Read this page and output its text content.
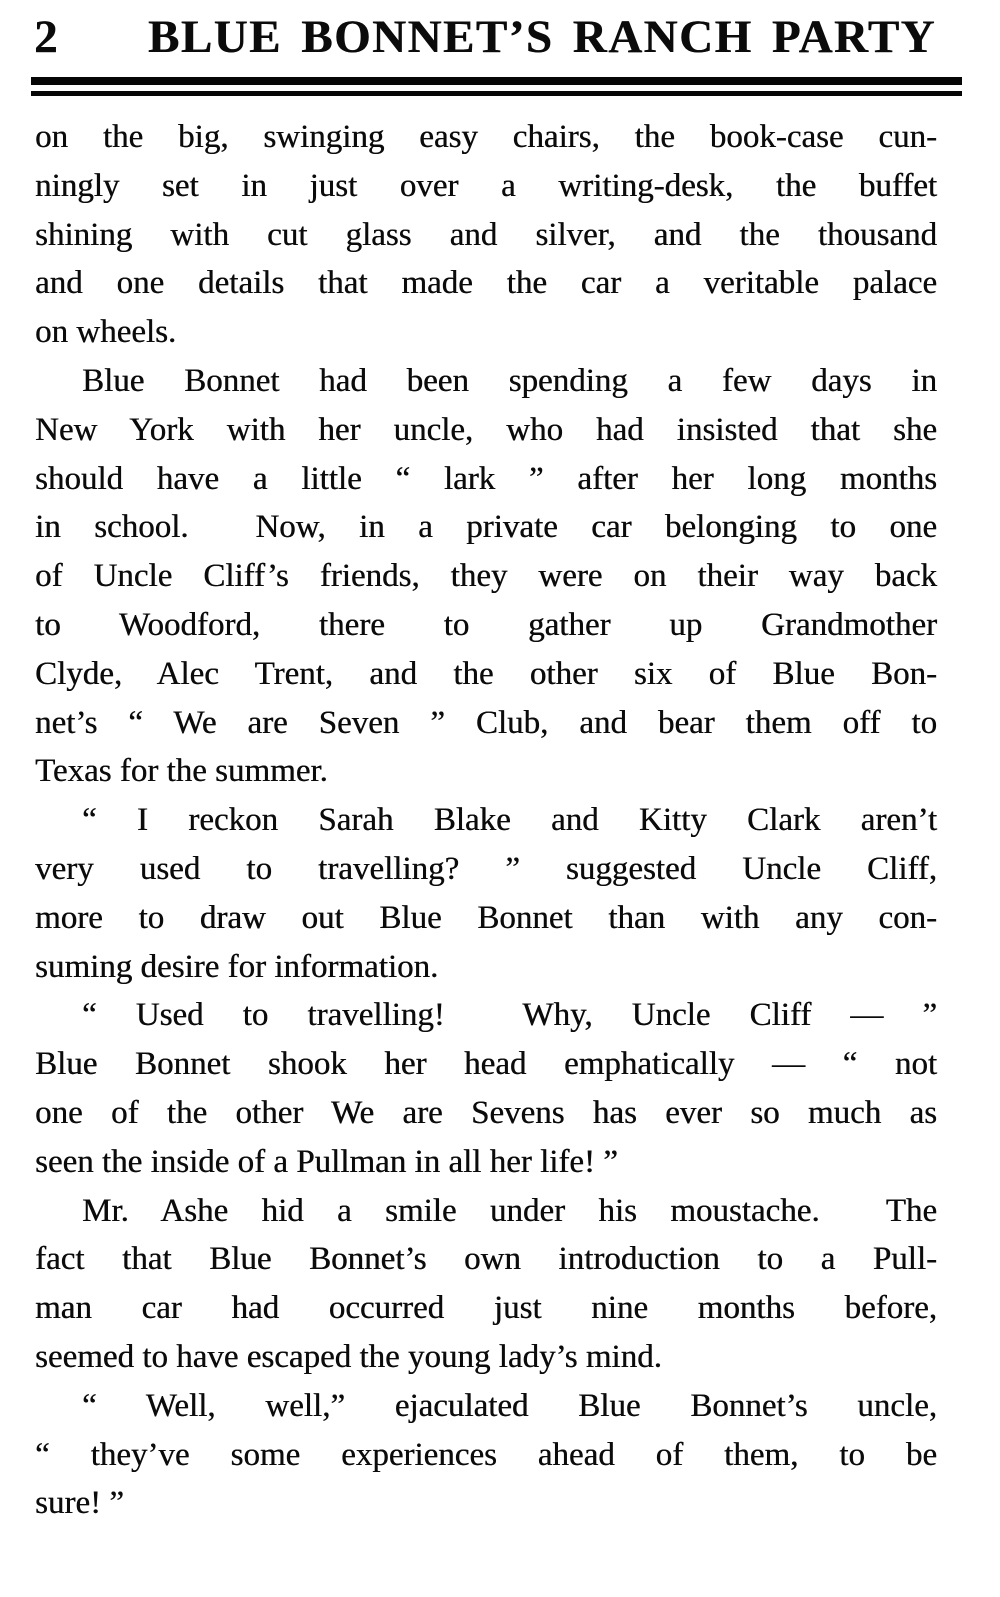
2 BLUE BONNET’S RANCH PARTY
on the big, swinging easy chairs, the book-case cun-
ningly set in just over a writing-desk, the buffet
shining with cut glass and silver, and the thousand
and one details that made the car a veritable palace
on wheels.
Blue Bonnet had been spending a few days in
New York with her uncle, who had insisted that she
should have a little “ lark ” after her long months
in school.  Now, in a private car belonging to one
of Uncle Cliff’s friends, they were on their way back
to Woodford, there to gather up Grandmother
Clyde, Alec Trent, and the other six of Blue Bon-
net’s “ We are Seven ” Club, and bear them off to
Texas for the summer.
“ I reckon Sarah Blake and Kitty Clark aren’t
very used to travelling? ” suggested Uncle Cliff,
more to draw out Blue Bonnet than with any con-
suming desire for information.
“ Used to travelling!  Why, Uncle Cliff — ”
Blue Bonnet shook her head emphatically — “ not
one of the other We are Sevens has ever so much as
seen the inside of a Pullman in all her life! ”
Mr. Ashe hid a smile under his moustache.  The
fact that Blue Bonnet’s own introduction to a Pull-
man car had occurred just nine months before,
seemed to have escaped the young lady’s mind.
“ Well, well,” ejaculated Blue Bonnet’s uncle,
“ they’ve some experiences ahead of them, to be
sure! ”
